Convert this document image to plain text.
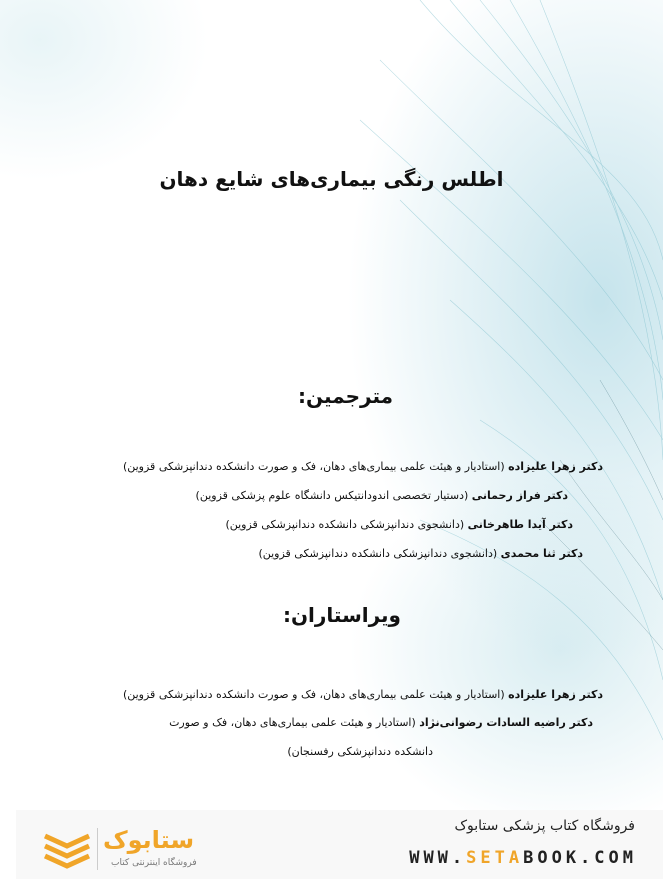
اطلس رنگی بیماری‌های شایع دهان
مترجمین:
دکتر زهرا علیزاده (استادیار و هیئت علمی بیماری‌های دهان، فک و صورت دانشکده دندانپزشکی قزوین)
دکتر فراز رحمانی (دستیار تخصصی اندودانتیکس دانشگاه علوم پزشکی قزوین)
دکتر آیدا طاهرخانی (دانشجوی دندانپزشکی دانشکده دندانپزشکی قزوین)
دکتر ثنا محمدی (دانشجوی دندانپزشکی دانشکده دندانپزشکی قزوین)
ویراستاران:
دکتر زهرا علیزاده (استادیار و هیئت علمی بیماری‌های دهان، فک و صورت دانشکده دندانپزشکی قزوین)
دکتر راضیه السادات رضوانی‌نژاد (استادیار و هیئت علمی بیماری‌های دهان، فک و صورت
دانشکده دندانپزشکی رفسنجان)
ستابوک
فروشگاه اینترنتی کتاب
فروشگاه کتاب پزشکی ستابوک
WWW.SETABOOK.COM
